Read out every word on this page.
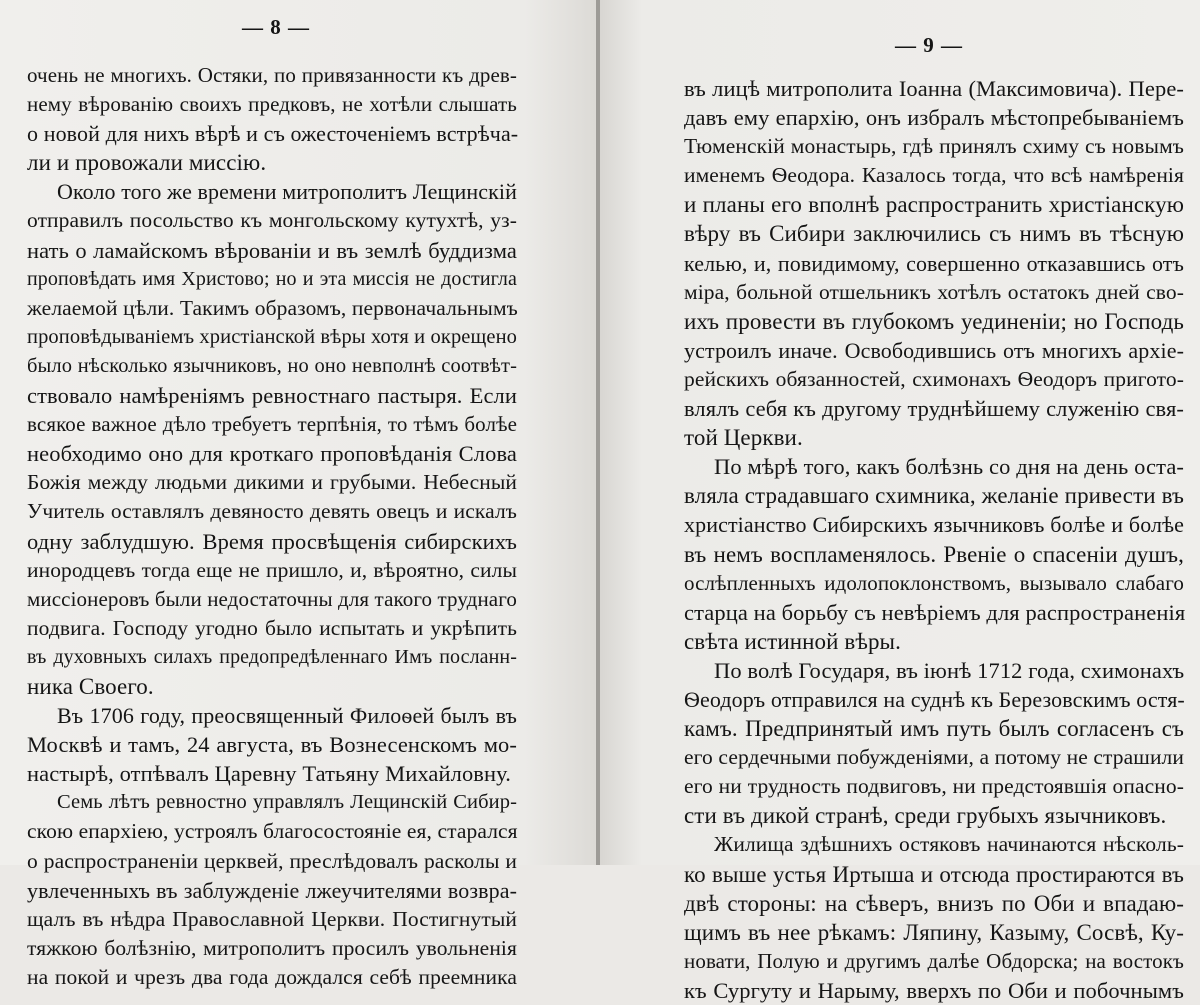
— 8 —
очень не многихъ. Остяки, по привязанности къ древ-
нему вѣрованію своихъ предковъ, не хотѣли слышать
о новой для нихъ вѣрѣ и съ ожесточеніемъ встрѣча-
ли и провожали миссію.
Около того же времени митрополитъ Лещинскій
отправилъ посольство къ монгольскому кутухтѣ, уз-
нать о ламайскомъ вѣрованіи и въ землѣ буддизма
проповѣдать имя Христово; но и эта миссія не достигла
желаемой цѣли. Такимъ образомъ, первоначальнымъ
проповѣдываніемъ христіанской вѣры хотя и окрещено
было нѣсколько язычниковъ, но оно невполнѣ соотвѣт-
ствовало намѣреніямъ ревностнаго пастыря. Если
всякое важное дѣло требуетъ терпѣнія, то тѣмъ болѣе
необходимо оно для кроткаго проповѣданія Слова
Божія между людьми дикими и грубыми. Небесный
Учитель оставлялъ девяносто девять овецъ и искалъ
одну заблудшую. Время просвѣщенія сибирскихъ
инородцевъ тогда еще не пришло, и, вѣроятно, силы
миссіонеровъ были недостаточны для такого труднаго
подвига. Господу угодно было испытать и укрѣпить
въ духовныхъ силахъ предопредѣленнаго Имъ посланн-
ника Своего.
Въ 1706 году, преосвященный Филоѳей былъ въ
Москвѣ и тамъ, 24 августа, въ Вознесенскомъ мо-
настырѣ, отпѣвалъ Царевну Татьяну Михайловну.
Семь лѣтъ ревностно управлялъ Лещинскій Сибир-
скою епархіею, устроялъ благосостояніе ея, старался
о распространеніи церквей, преслѣдовалъ расколы и
увлеченныхъ въ заблужденіе лжеучителями возвра-
щалъ въ нѣдра Православной Церкви. Постигнутый
тяжкою болѣзнію, митрополитъ просилъ увольненія
на покой и чрезъ два года дождался себѣ преемника
— 9 —
въ лицѣ митрополита Іоанна (Максимовича). Пере-
давъ ему епархію, онъ избралъ мѣстопребываніемъ
Тюменскій монастырь, гдѣ принялъ схиму съ новымъ
именемъ Ѳеодора. Казалось тогда, что всѣ намѣренія
и планы его вполнѣ распространить христіанскую
вѣру въ Сибири заключились съ нимъ въ тѣсную
келью, и, повидимому, совершенно отказавшись отъ
міра, больной отшельникъ хотѣлъ остатокъ дней сво-
ихъ провести въ глубокомъ уединеніи; но Господь
устроилъ иначе. Освободившись отъ многихъ архіе-
рейскихъ обязанностей, схимонахъ Ѳеодоръ пригото-
влялъ себя къ другому труднѣйшему служенію свя-
той Церкви.
По мѣрѣ того, какъ болѣзнь со дня на день оста-
вляла страдавшаго схимника, желаніе привести въ
христіанство Сибирскихъ язычниковъ болѣе и болѣе
въ немъ воспламенялось. Рвеніе о спасеніи душъ,
ослѣпленныхъ идолопоклонствомъ, вызывало слабаго
старца на борьбу съ невѣріемъ для распространенія
свѣта истинной вѣры.
По волѣ Государя, въ іюнѣ 1712 года, схимонахъ
Ѳеодоръ отправился на суднѣ къ Березовскимъ остя-
камъ. Предпринятый имъ путь былъ согласенъ съ
его сердечными побужденіями, а потому не страшили
его ни трудность подвиговъ, ни предстоявшія опасно-
сти въ дикой странѣ, среди грубыхъ язычниковъ.
Жилища здѣшнихъ остяковъ начинаются нѣсколь-
ко выше устья Иртыша и отсюда простираются въ
двѣ стороны: на сѣверъ, внизъ по Оби и впадаю-
щимъ въ нее рѣкамъ: Ляпину, Казыму, Сосвѣ, Ку-
новати, Полую и другимъ далѣе Обдорска; на востокъ
къ Сургуту и Нарыму, вверхъ по Оби и побочнымъ
